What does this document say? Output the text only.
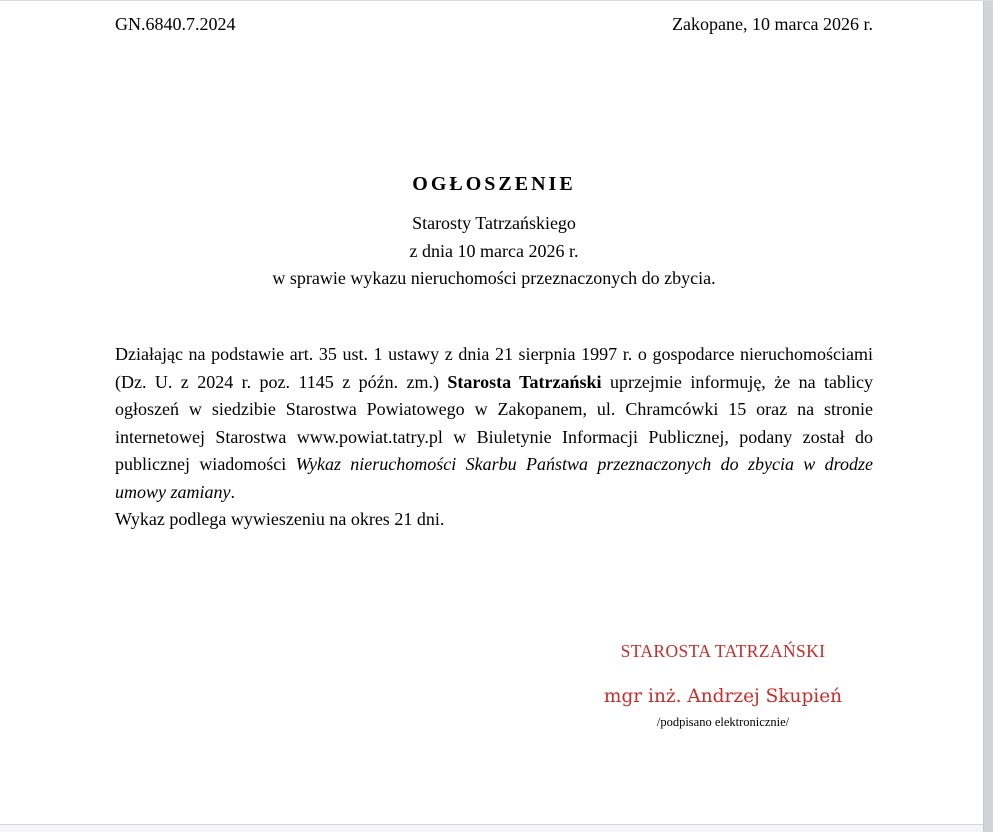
GN.6840.7.2024	Zakopane, 10 marca 2026 r.
OGŁOSZENIE
Starosty Tatrzańskiego
z dnia 10 marca 2026 r.
w sprawie wykazu nieruchomości przeznaczonych do zbycia.
Działając na podstawie art. 35 ust. 1 ustawy z dnia 21 sierpnia 1997 r. o gospodarce nieruchomościami (Dz. U. z 2024 r. poz. 1145 z późn. zm.) Starosta Tatrzański uprzejmie informuję, że na tablicy ogłoszeń w siedzibie Starostwa Powiatowego w Zakopanem, ul. Chramcówki 15 oraz na stronie internetowej Starostwa www.powiat.tatry.pl w Biuletynie Informacji Publicznej, podany został do publicznej wiadomości Wykaz nieruchomości Skarbu Państwa przeznaczonych do zbycia w drodze umowy zamiany.
Wykaz podlega wywieszeniu na okres 21 dni.
STAROSTA TATRZAŃSKI
mgr inż. Andrzej Skupień
/podpisano elektronicznie/
